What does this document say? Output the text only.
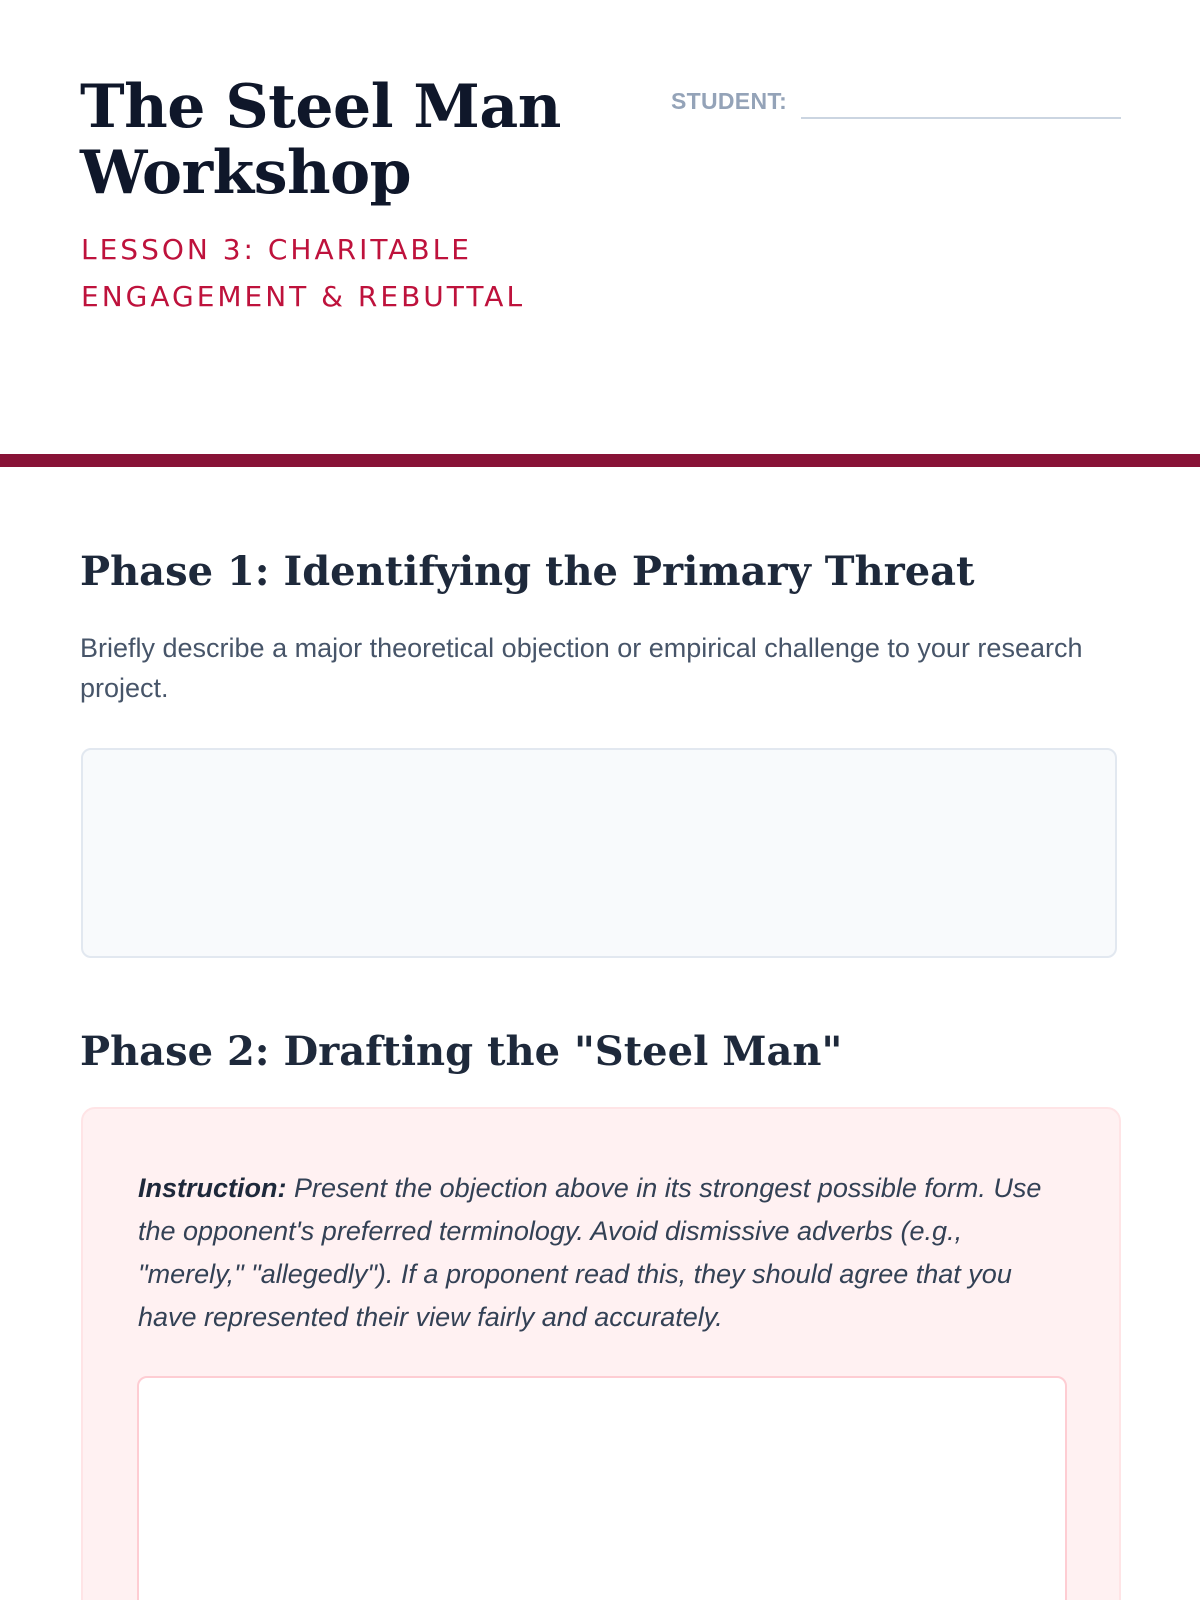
The Steel Man Workshop
LESSON 3: CHARITABLE ENGAGEMENT & REBUTTAL
STUDENT:
Phase 1: Identifying the Primary Threat

Briefly describe a major theoretical objection or empirical challenge to your research project.

Phase 2: Drafting the "Steel Man"

Instruction: Present the objection above in its strongest possible form. Use the opponent's preferred terminology. Avoid dismissive adverbs (e.g., "merely," "allegedly"). If a proponent read this, they should agree that you have represented their view fairly and accurately.
